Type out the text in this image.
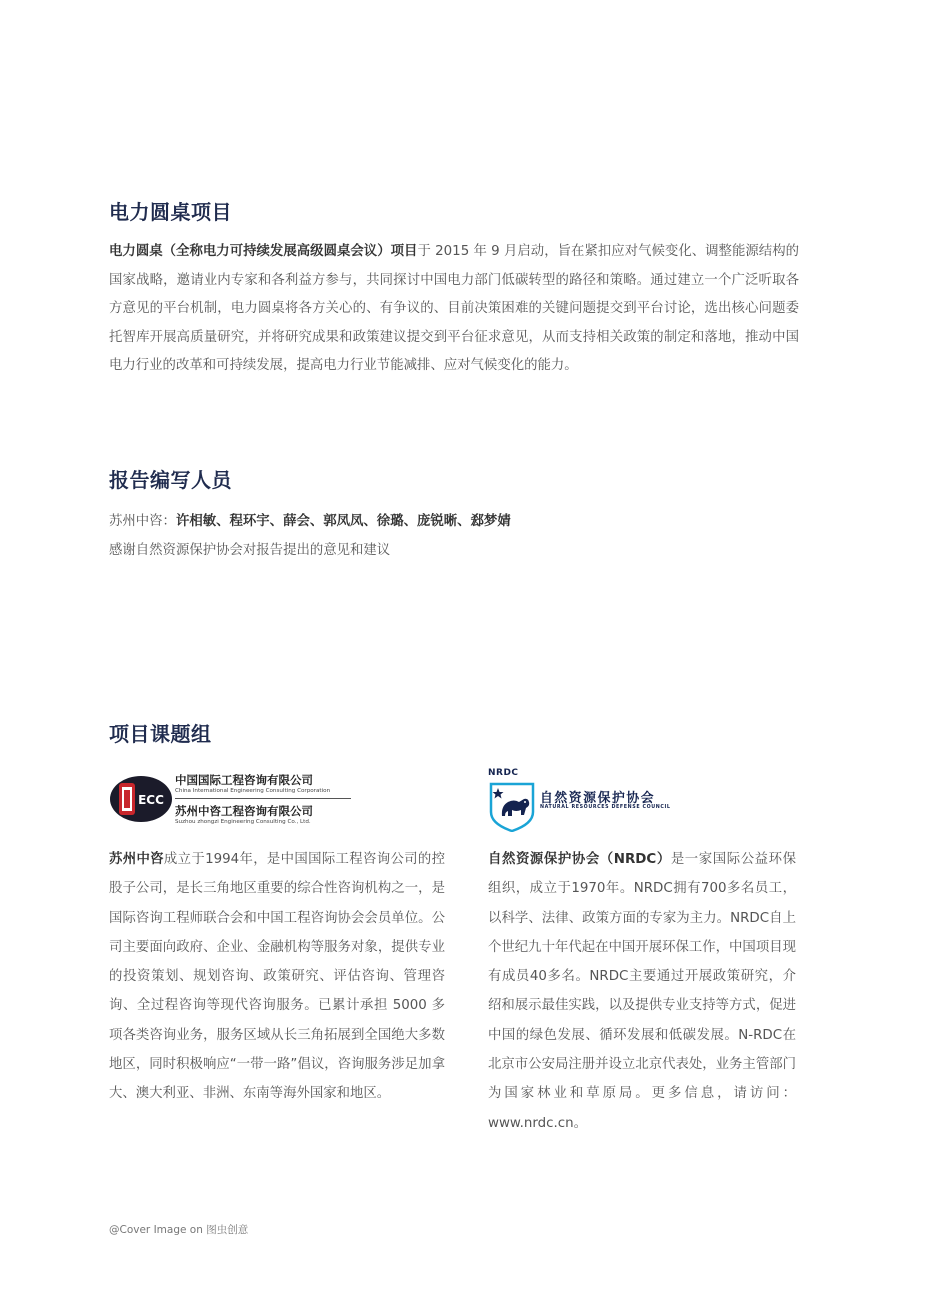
电力圆桌项目

电力圆桌（全称电力可持续发展高级圆桌会议）项目于 2015 年 9 月启动，旨在紧扣应对气候变化、调整能源结构的国家战略，邀请业内专家和各利益方参与，共同探讨中国电力部门低碳转型的路径和策略。通过建立一个广泛听取各方意见的平台机制，电力圆桌将各方关心的、有争议的、目前决策困难的关键问题提交到平台讨论，选出核心问题委托智库开展高质量研究，并将研究成果和政策建议提交到平台征求意见，从而支持相关政策的制定和落地，推动中国电力行业的改革和可持续发展，提高电力行业节能减排、应对气候变化的能力。

报告编写人员

苏州中咨：许相敏、程环宇、薛会、郭凤凤、徐璐、庞锐晰、郄梦婧

感谢自然资源保护协会对报告提出的意见和建议

项目课题组
ECC
中国国际工程咨询有限公司
China International Engineering Consulting Corporation
苏州中咨工程咨询有限公司
Suzhou zhongzi Engineering Consulting Co., Ltd.
NRDC
自然资源保护协会
NATURAL RESOURCES DEFENSE COUNCIL

苏州中咨成立于1994年，是中国国际工程咨询公司的控股子公司，是长三角地区重要的综合性咨询机构之一，是国际咨询工程师联合会和中国工程咨询协会会员单位。公司主要面向政府、企业、金融机构等服务对象，提供专业的投资策划、规划咨询、政策研究、评估咨询、管理咨询、全过程咨询等现代咨询服务。已累计承担 5000 多项各类咨询业务，服务区域从长三角拓展到全国绝大多数地区，同时积极响应“一带一路”倡议，咨询服务涉足加拿大、澳大利亚、非洲、东南等海外国家和地区。

自然资源保护协会（NRDC）是一家国际公益环保组织，成立于1970年。NRDC拥有700多名员工，以科学、法律、政策方面的专家为主力。NRDC自上个世纪九十年代起在中国开展环保工作，中国项目现有成员40多名。NRDC主要通过开展政策研究，介绍和展示最佳实践，以及提供专业支持等方式，促进中国的绿色发展、循环发展和低碳发展。N-RDC在北京市公安局注册并设立北京代表处，业务主管部门为国家林业和草原局。更多信息，请访问：www.nrdc.cn。

@Cover Image on 图虫创意
